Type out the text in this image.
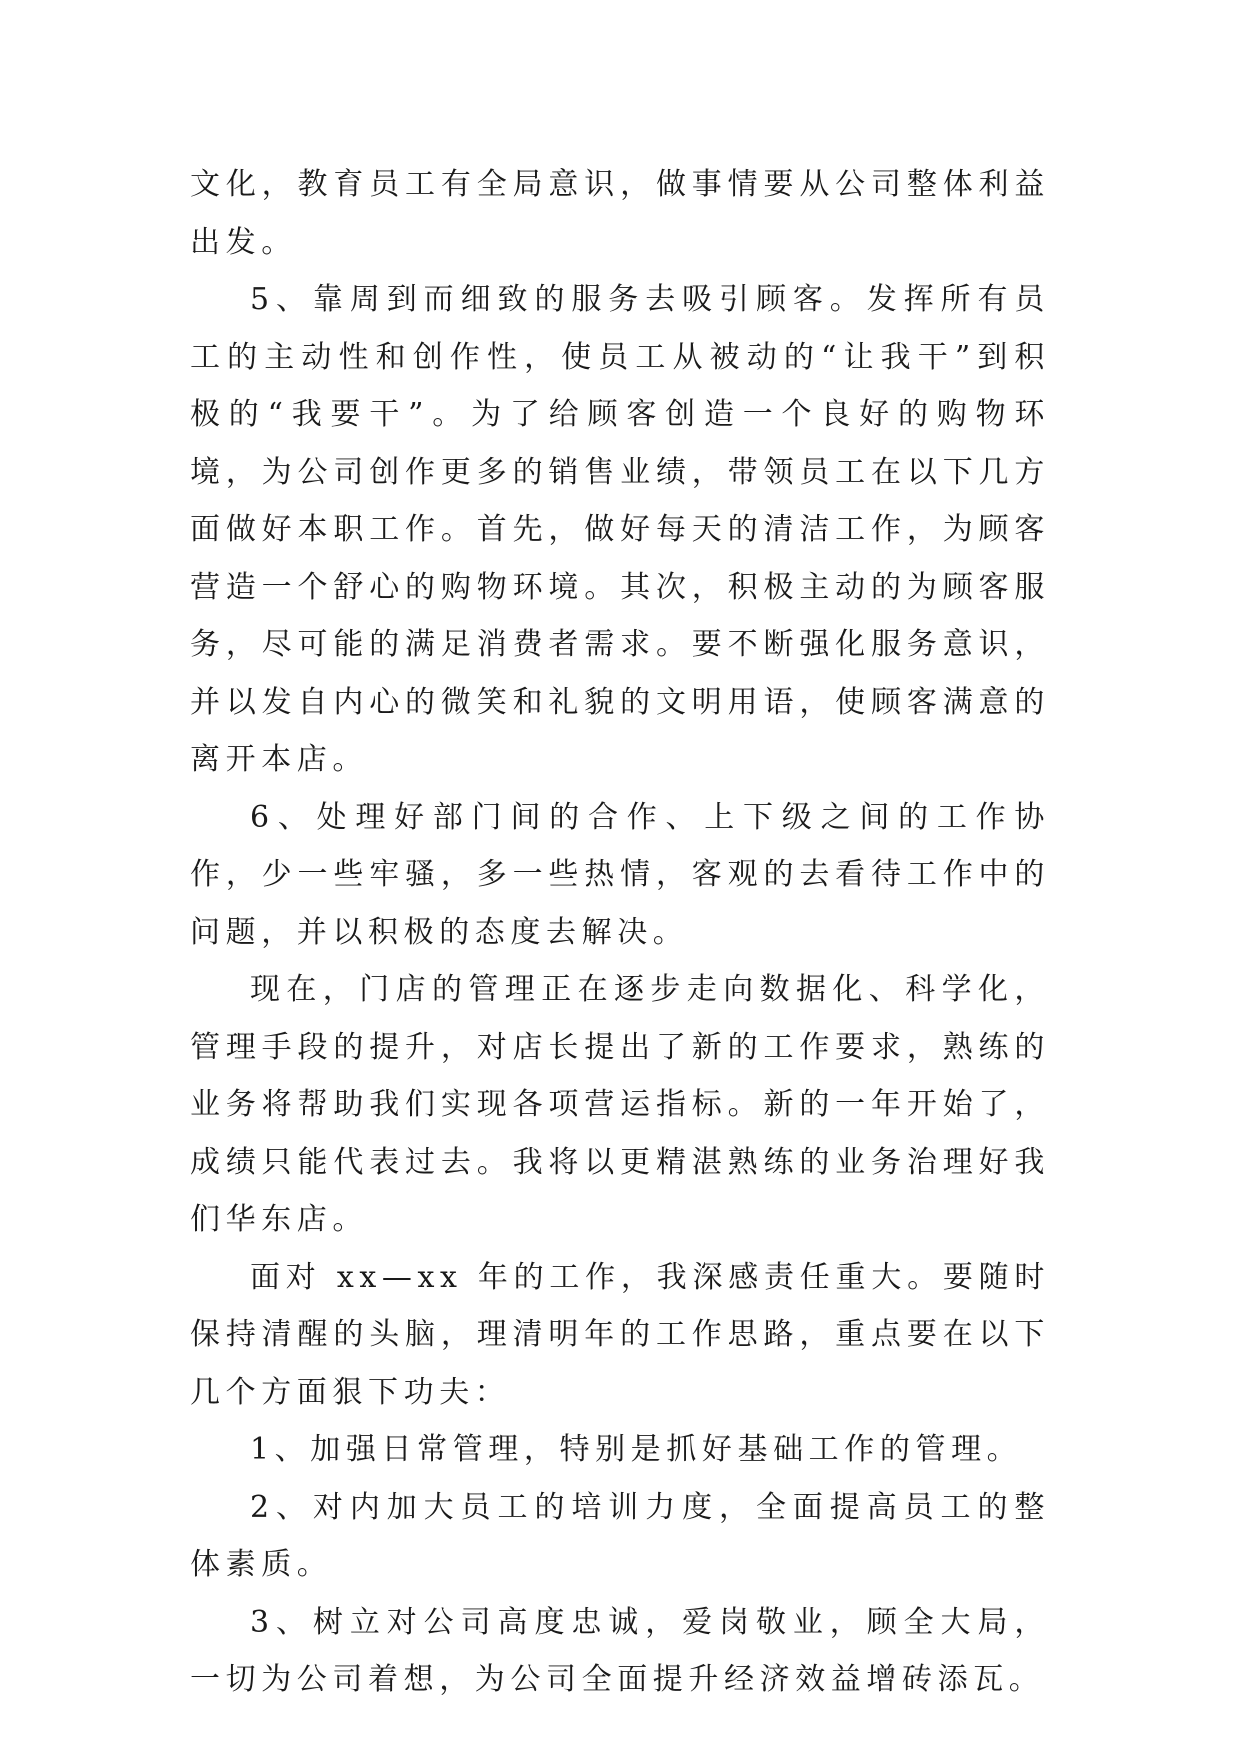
文化，教育员工有全局意识，做事情要从公司整体利益出发。

5、靠周到而细致的服务去吸引顾客。发挥所有员工的主动性和创作性，使员工从被动的“让我干”到积极的“我要干”。为了给顾客创造一个良好的购物环境，为公司创作更多的销售业绩，带领员工在以下几方面做好本职工作。首先，做好每天的清洁工作，为顾客营造一个舒心的购物环境。其次，积极主动的为顾客服务，尽可能的满足消费者需求。要不断强化服务意识，并以发自内心的微笑和礼貌的文明用语，使顾客满意的离开本店。

6、处理好部门间的合作、上下级之间的工作协作，少一些牢骚，多一些热情，客观的去看待工作中的问题，并以积极的态度去解决。

现在，门店的管理正在逐步走向数据化、科学化，管理手段的提升，对店长提出了新的工作要求，熟练的业务将帮助我们实现各项营运指标。新的一年开始了，成绩只能代表过去。我将以更精湛熟练的业务治理好我们华东店。

面对 xx—xx 年的工作，我深感责任重大。要随时保持清醒的头脑，理清明年的工作思路，重点要在以下几个方面狠下功夫：

1、加强日常管理，特别是抓好基础工作的管理。

2、对内加大员工的培训力度，全面提高员工的整体素质。

3、树立对公司高度忠诚，爱岗敬业，顾全大局，一切为公司着想，为公司全面提升经济效益增砖添瓦。
